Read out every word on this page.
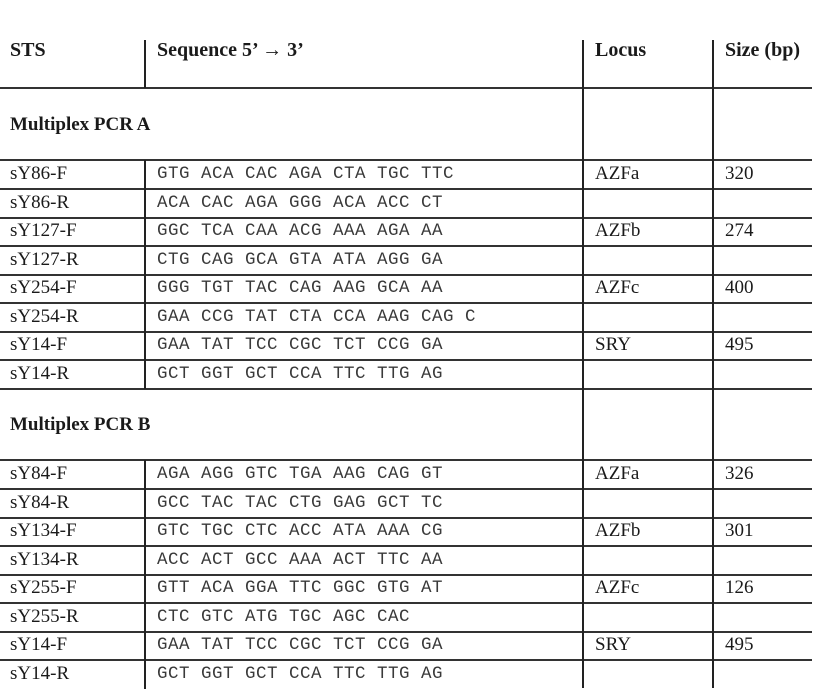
STS	Sequence 5’ → 3’	Locus	Size (bp)
Multiplex PCR A
sY86-F	GTG ACA CAC AGA CTA TGC TTC	AZFa	320
sY86-R	ACA CAC AGA GGG ACA ACC CT
sY127-F	GGC TCA CAA ACG AAA AGA AA	AZFb	274
sY127-R	CTG CAG GCA GTA ATA AGG GA
sY254-F	GGG TGT TAC CAG AAG GCA AA	AZFc	400
sY254-R	GAA CCG TAT CTA CCA AAG CAG C
sY14-F	GAA TAT TCC CGC TCT CCG GA	SRY	495
sY14-R	GCT GGT GCT CCA TTC TTG AG
Multiplex PCR B
sY84-F	AGA AGG GTC TGA AAG CAG GT	AZFa	326
sY84-R	GCC TAC TAC CTG GAG GCT TC
sY134-F	GTC TGC CTC ACC ATA AAA CG	AZFb	301
sY134-R	ACC ACT GCC AAA ACT TTC AA
sY255-F	GTT ACA GGA TTC GGC GTG AT	AZFc	126
sY255-R	CTC GTC ATG TGC AGC CAC
sY14-F	GAA TAT TCC CGC TCT CCG GA	SRY	495
sY14-R	GCT GGT GCT CCA TTC TTG AG
